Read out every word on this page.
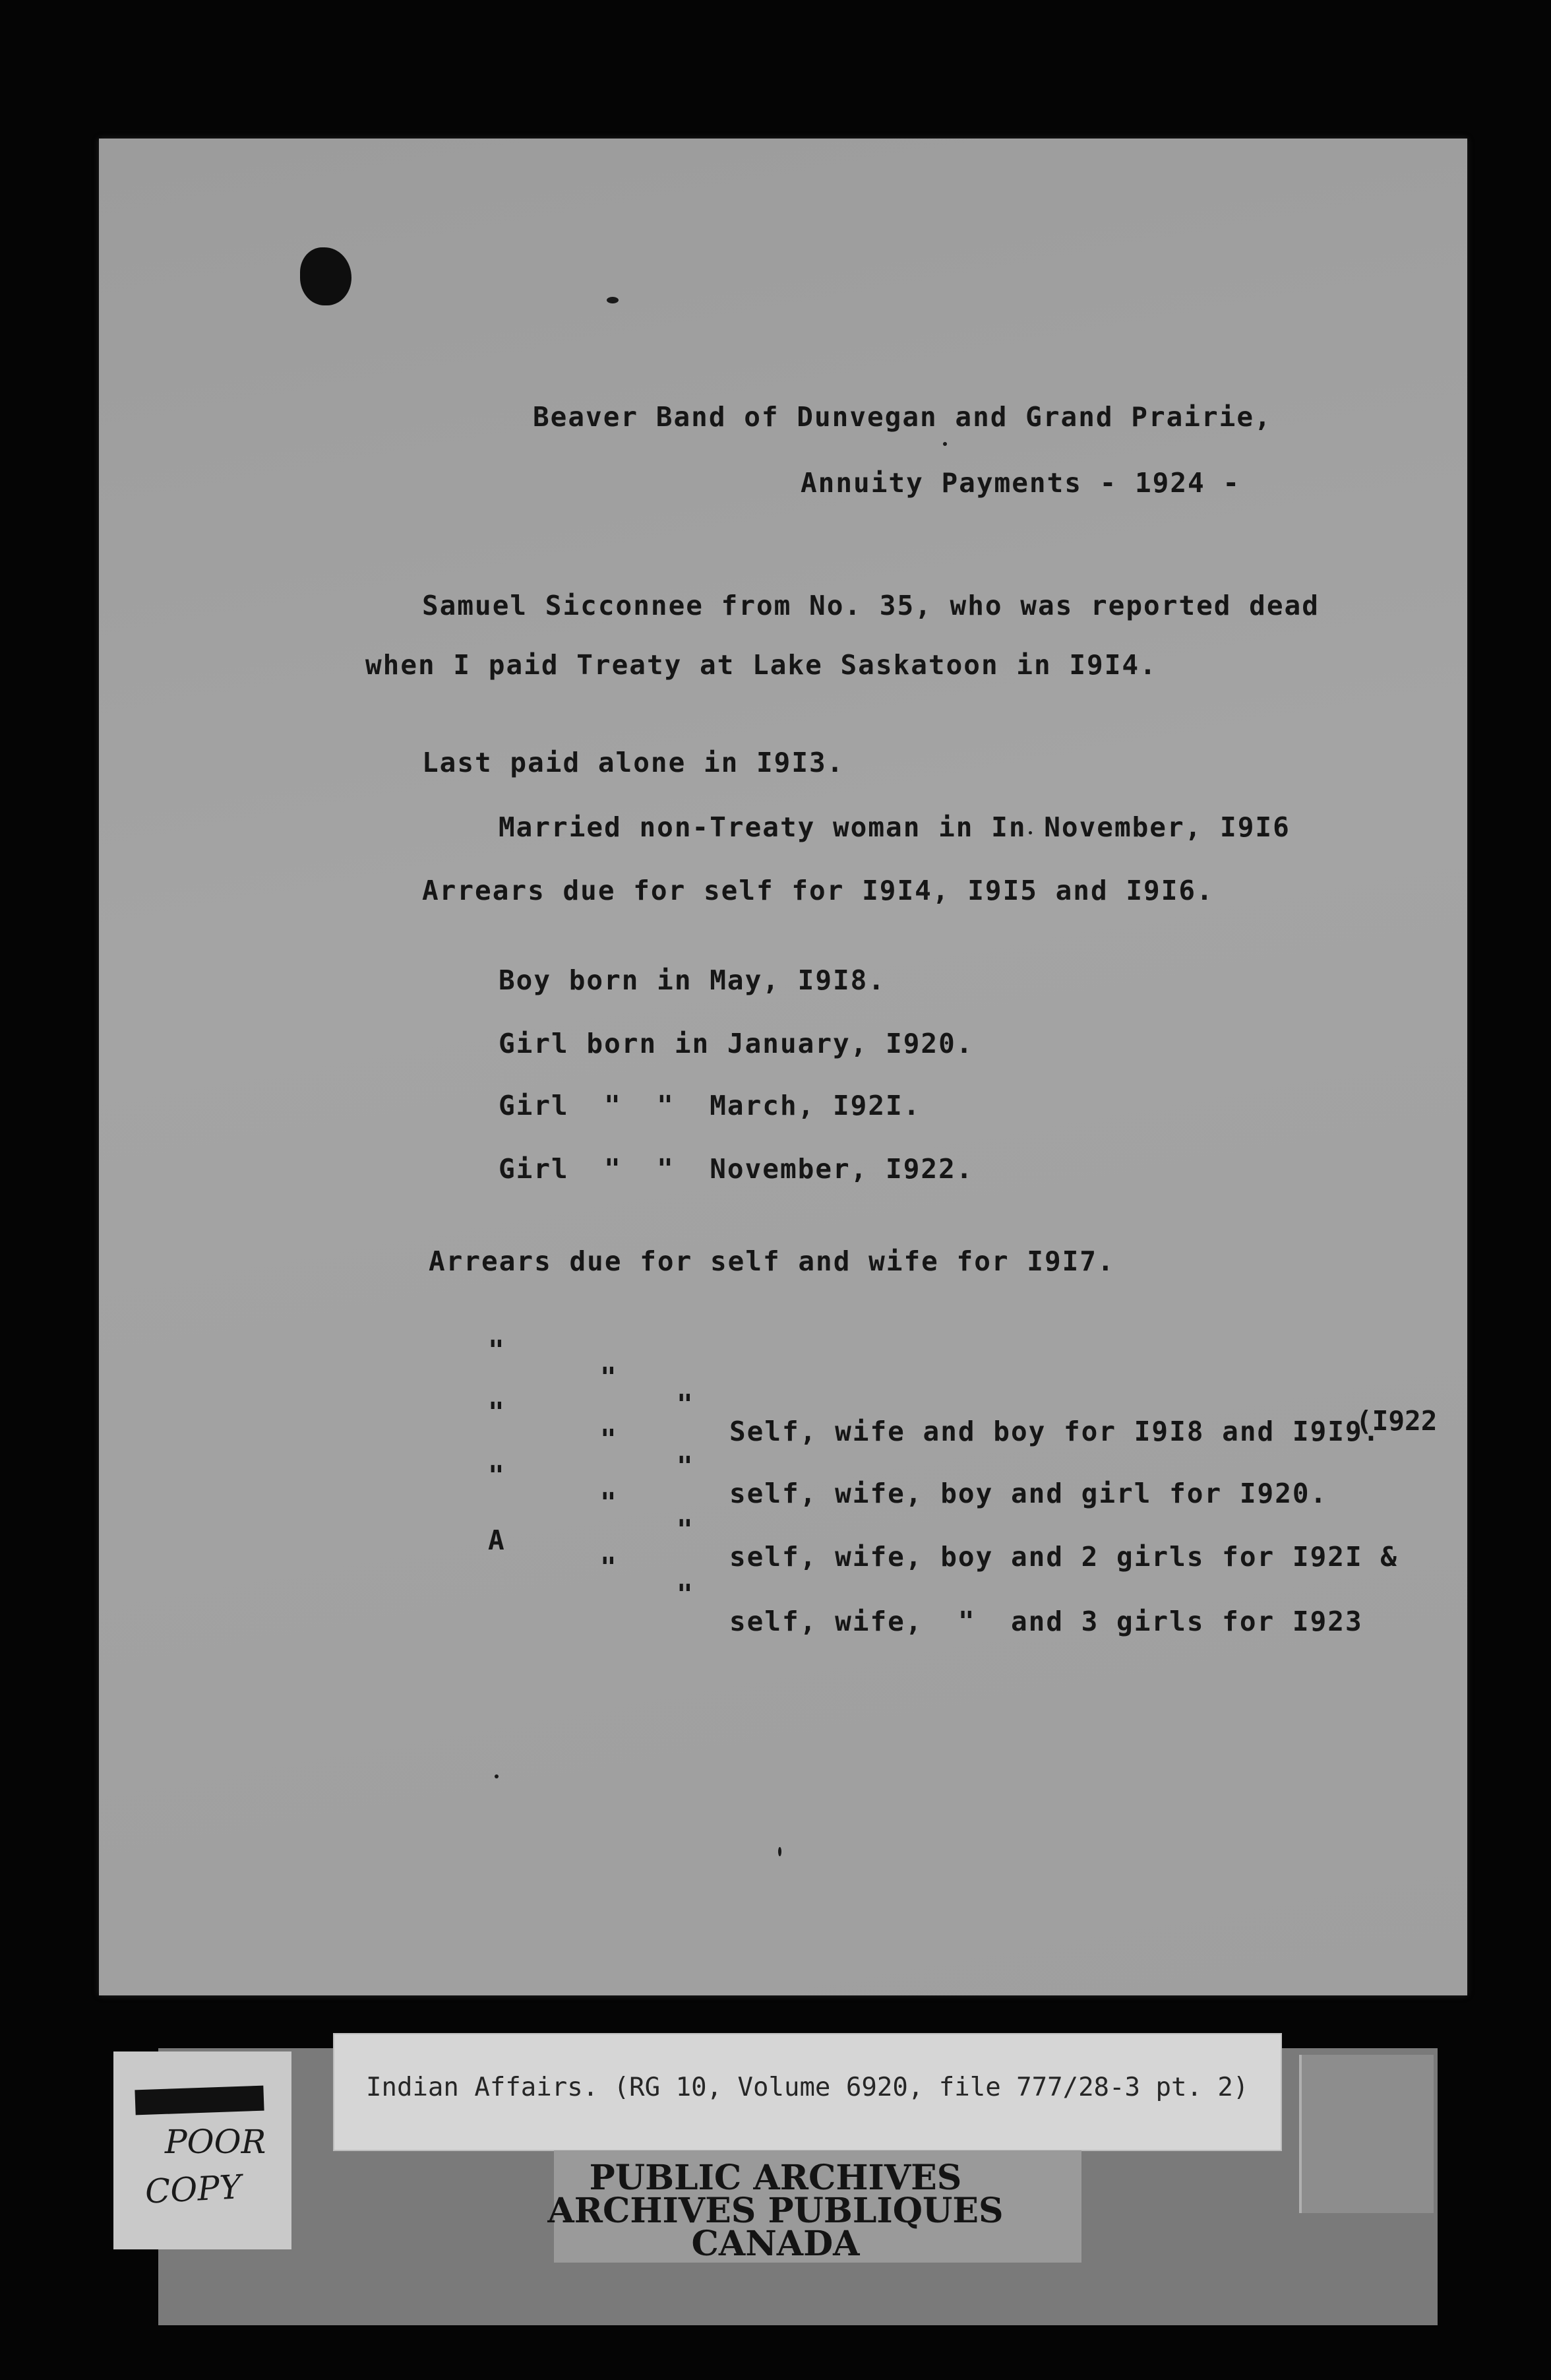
Beaver Band of Dunvegan and Grand Prairie,
Annuity Payments - 1924 -
Samuel Sicconnee from No. 35, who was reported dead
when I paid Treaty at Lake Saskatoon in I9I4.
Last paid alone in I9I3.
Married non-Treaty woman in In November, I9I6
Arrears due for self for I9I4, I9I5 and I9I6.
Boy born in May, I9I8.
Girl born in January, I920.
Girl  "  "  March, I92I.
Girl  "  "  November, I922.
Arrears due for self and wife for I9I7.

"

"

"

Self, wife and boy for I9I8 and I9I9.

"

"

"

self, wife, boy and girl for I920.

(I922

"

"

"

self, wife, boy and 2 girls for I92I &

A

"

"

self, wife,  "  and 3 girls for I923

POOR
COPY
Indian Affairs. (RG 10, Volume 6920, file 777/28-3 pt. 2)
PUBLIC ARCHIVES
ARCHIVES PUBLIQUES
CANADA
